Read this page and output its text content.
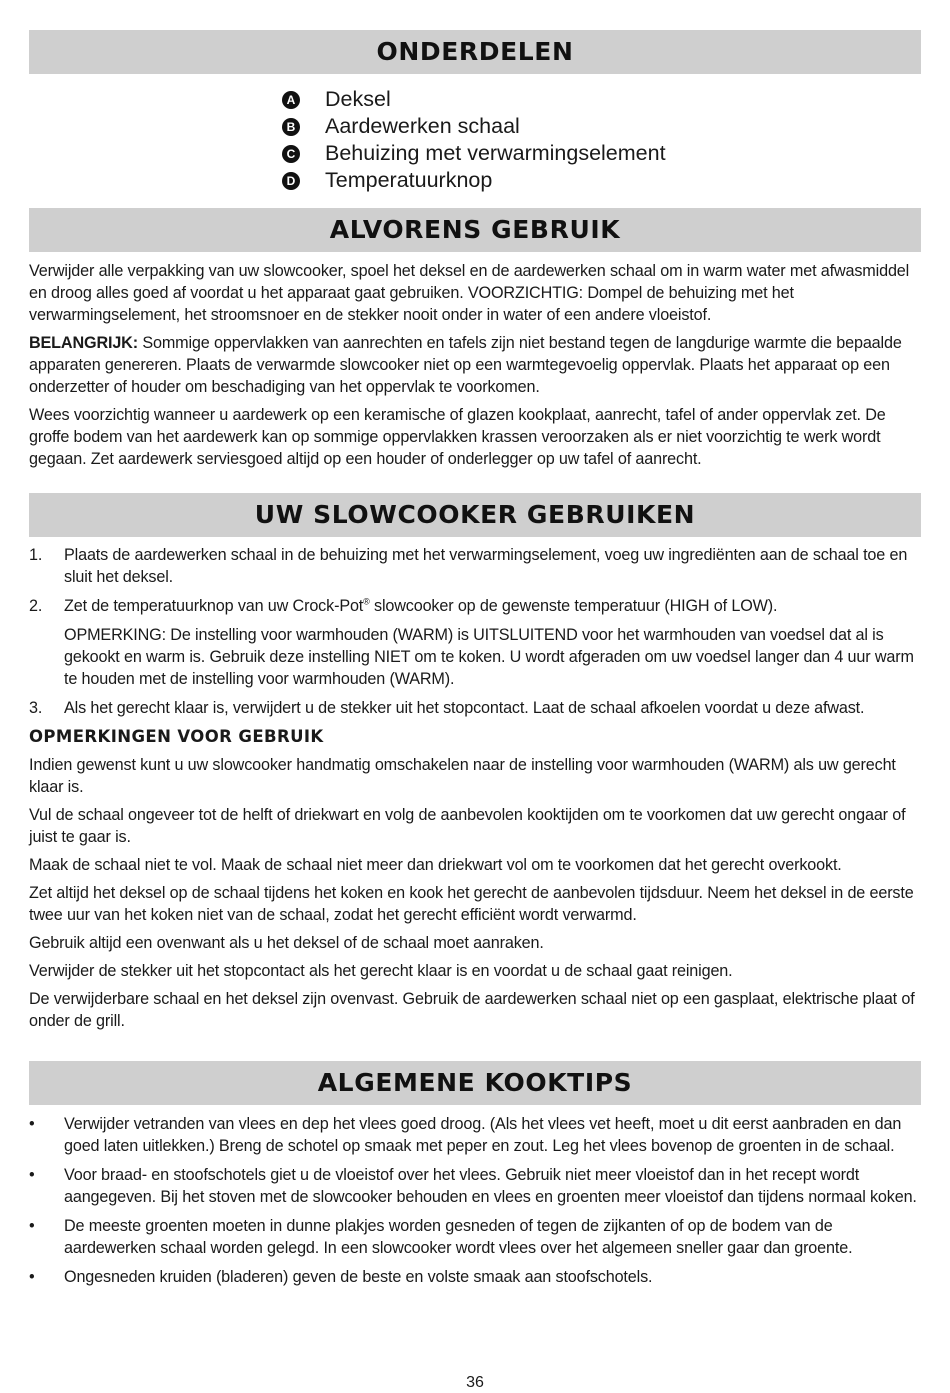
ONDERDELEN
A Deksel
B Aardewerken schaal
C Behuizing met verwarmingselement
D Temperatuurknop
ALVORENS GEBRUIK

Verwijder alle verpakking van uw slowcooker, spoel het deksel en de aardewerken schaal om in warm water met afwasmiddel en droog alles goed af voordat u het apparaat gaat gebruiken. VOORZICHTIG: Dompel de behuizing met het verwarmingselement, het stroomsnoer en de stekker nooit onder in water of een andere vloeistof.

BELANGRIJK: Sommige oppervlakken van aanrechten en tafels zijn niet bestand tegen de langdurige warmte die bepaalde apparaten genereren. Plaats de verwarmde slowcooker niet op een warmtegevoelig oppervlak. Plaats het apparaat op een onderzetter of houder om beschadiging van het oppervlak te voorkomen.

Wees voorzichtig wanneer u aardewerk op een keramische of glazen kookplaat, aanrecht, tafel of ander oppervlak zet. De groffe bodem van het aardewerk kan op sommige oppervlakken krassen veroorzaken als er niet voorzichtig te werk wordt gegaan. Zet aardewerk serviesgoed altijd op een houder of onderlegger op uw tafel of aanrecht.

UW SLOWCOOKER GEBRUIKEN
1.	Plaats de aardewerken schaal in de behuizing met het verwarmingselement, voeg uw ingrediënten aan de schaal toe en sluit het deksel.
2.	Zet de temperatuurknop van uw Crock-Pot® slowcooker op de gewenste temperatuur (HIGH of LOW).
OPMERKING: De instelling voor warmhouden (WARM) is UITSLUITEND voor het warmhouden van voedsel dat al is gekookt en warm is. Gebruik deze instelling NIET om te koken. U wordt afgeraden om uw voedsel langer dan 4 uur warm te houden met de instelling voor warmhouden (WARM).
3.	Als het gerecht klaar is, verwijdert u de stekker uit het stopcontact. Laat de schaal afkoelen voordat u deze afwast.
OPMERKINGEN VOOR GEBRUIK

Indien gewenst kunt u uw slowcooker handmatig omschakelen naar de instelling voor warmhouden (WARM) als uw gerecht klaar is.

Vul de schaal ongeveer tot de helft of driekwart en volg de aanbevolen kooktijden om te voorkomen dat uw gerecht ongaar of juist te gaar is.

Maak de schaal niet te vol. Maak de schaal niet meer dan driekwart vol om te voorkomen dat het gerecht overkookt.

Zet altijd het deksel op de schaal tijdens het koken en kook het gerecht de aanbevolen tijdsduur. Neem het deksel in de eerste twee uur van het koken niet van de schaal, zodat het gerecht efficiënt wordt verwarmd.

Gebruik altijd een ovenwant als u het deksel of de schaal moet aanraken.

Verwijder de stekker uit het stopcontact als het gerecht klaar is en voordat u de schaal gaat reinigen.

De verwijderbare schaal en het deksel zijn ovenvast. Gebruik de aardewerken schaal niet op een gasplaat, elektrische plaat of onder de grill.

ALGEMENE KOOKTIPS
•	Verwijder vetranden van vlees en dep het vlees goed droog. (Als het vlees vet heeft, moet u dit eerst aanbraden en dan goed laten uitlekken.) Breng de schotel op smaak met peper en zout. Leg het vlees bovenop de groenten in de schaal.
•	Voor braad- en stoofschotels giet u de vloeistof over het vlees. Gebruik niet meer vloeistof dan in het recept wordt aangegeven. Bij het stoven met de slowcooker behouden en vlees en groenten meer vloeistof dan tijdens normaal koken.
•	De meeste groenten moeten in dunne plakjes worden gesneden of tegen de zijkanten of op de bodem van de aardewerken schaal worden gelegd. In een slowcooker wordt vlees over het algemeen sneller gaar dan groente.
•	Ongesneden kruiden (bladeren) geven de beste en volste smaak aan stoofschotels.
36
